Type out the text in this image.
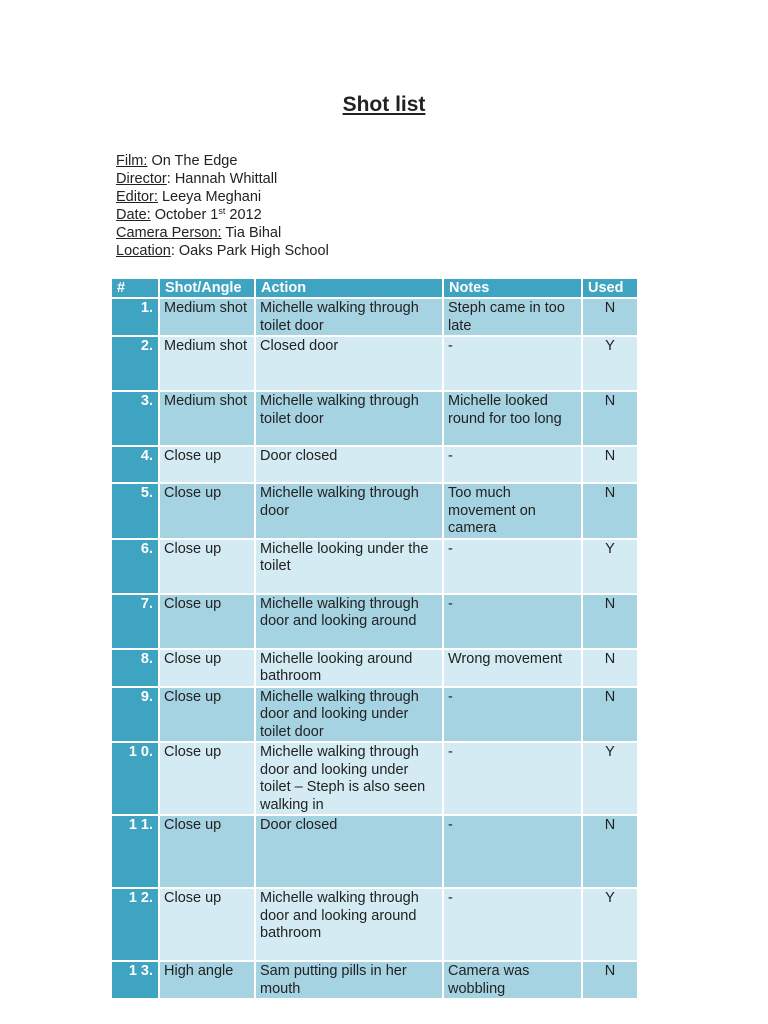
Shot list
Film: On The Edge
Director: Hannah Whittall
Editor: Leeya Meghani
Date: October 1st 2012
Camera Person: Tia Bihal
Location: Oaks Park High School
#	Shot/Angle	Action	Notes	Used
1.	Medium shot	Michelle walking through toilet door	Steph came in too late	N
2.	Medium shot	Closed door	-	Y
3.	Medium shot	Michelle walking through toilet door	Michelle looked round for too long	N
4.	Close up	Door closed	-	N
5.	Close up	Michelle walking through door	Too much movement on camera	N
6.	Close up	Michelle looking under the toilet	-	Y
7.	Close up	Michelle walking through door and looking around	-	N
8.	Close up	Michelle looking around bathroom	Wrong movement	N
9.	Close up	Michelle walking through door and looking under toilet door	-	N
1 0.	Close up	Michelle walking through door and looking under toilet – Steph is also seen walking in	-	Y
1 1.	Close up	Door closed	-	N
1 2.	Close up	Michelle walking through door and looking around bathroom	-	Y
1 3.	High angle	Sam putting pills in her mouth	Camera was wobbling	N
